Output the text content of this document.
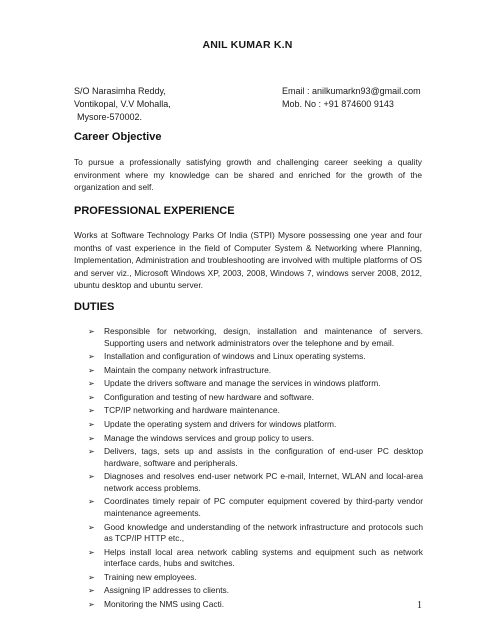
ANIL KUMAR K.N
S/O Narasimha Reddy,	Email : anilkumarkn93@gmail.com
Vontikopal, V.V Mohalla,	Mob. No : +91 874600 9143
Mysore-570002.
Career Objective
To pursue a professionally satisfying growth and challenging career seeking a quality environment where my knowledge can be shared and enriched for the growth of the organization and self.
PROFESSIONAL EXPERIENCE
Works at Software Technology Parks Of India (STPI) Mysore possessing one year and four months of vast experience in the field of Computer System & Networking where Planning, Implementation, Administration and troubleshooting are involved with multiple platforms of OS and server viz., Microsoft Windows XP, 2003, 2008, Windows 7, windows server 2008, 2012, ubuntu desktop and ubuntu server.
DUTIES
➢ Responsible for networking, design, installation and maintenance of servers. Supporting users and network administrators over the telephone and by email.
➢ Installation and configuration of windows and Linux operating systems.
➢ Maintain the company network infrastructure.
➢ Update the drivers software and manage the services in windows platform.
➢ Configuration and testing of new hardware and software.
➢ TCP/IP networking and hardware maintenance.
➢ Update the operating system and drivers for windows platform.
➢ Manage the windows services and group policy to users.
➢ Delivers, tags, sets up and assists in the configuration of end-user PC desktop hardware, software and peripherals.
➢ Diagnoses and resolves end-user network PC e-mail, Internet, WLAN and local-area network access problems.
➢ Coordinates timely repair of PC computer equipment covered by third-party vendor maintenance agreements.
➢ Good knowledge and understanding of the network infrastructure and protocols such as TCP/IP HTTP etc.,
➢ Helps install local area network cabling systems and equipment such as network interface cards, hubs and switches.
➢ Training new employees.
➢ Assigning IP addresses to clients.
➢ Monitoring the NMS using Cacti.	1
